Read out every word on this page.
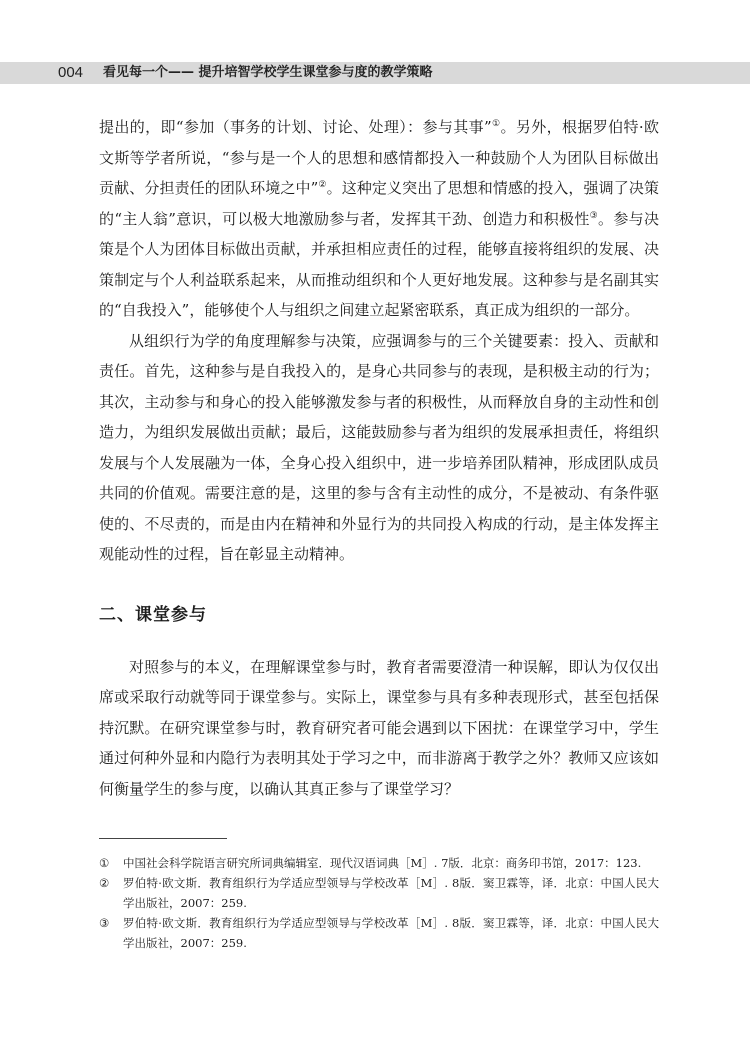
004 看见每一个—— 提升培智学校学生课堂参与度的教学策略

提出的，即“参加（事务的计划、讨论、处理）：参与其事”①。另外，根据罗伯特·欧文斯等学者所说，“参与是一个人的思想和感情都投入一种鼓励个人为团队目标做出贡献、分担责任的团队环境之中”②。这种定义突出了思想和情感的投入，强调了决策的“主人翁”意识，可以极大地激励参与者，发挥其干劲、创造力和积极性③。参与决策是个人为团体目标做出贡献，并承担相应责任的过程，能够直接将组织的发展、决策制定与个人利益联系起来，从而推动组织和个人更好地发展。这种参与是名副其实的“自我投入”，能够使个人与组织之间建立起紧密联系，真正成为组织的一部分。

从组织行为学的角度理解参与决策，应强调参与的三个关键要素：投入、贡献和责任。首先，这种参与是自我投入的，是身心共同参与的表现，是积极主动的行为；其次，主动参与和身心的投入能够激发参与者的积极性，从而释放自身的主动性和创造力，为组织发展做出贡献；最后，这能鼓励参与者为组织的发展承担责任，将组织发展与个人发展融为一体，全身心投入组织中，进一步培养团队精神，形成团队成员共同的价值观。需要注意的是，这里的参与含有主动性的成分，不是被动、有条件驱使的、不尽责的，而是由内在精神和外显行为的共同投入构成的行动，是主体发挥主观能动性的过程，旨在彰显主动精神。

二、课堂参与

对照参与的本义，在理解课堂参与时，教育者需要澄清一种误解，即认为仅仅出席或采取行动就等同于课堂参与。实际上，课堂参与具有多种表现形式，甚至包括保持沉默。在研究课堂参与时，教育研究者可能会遇到以下困扰：在课堂学习中，学生通过何种外显和内隐行为表明其处于学习之中，而非游离于教学之外？教师又应该如何衡量学生的参与度，以确认其真正参与了课堂学习？

①	中国社会科学院语言研究所词典编辑室．现代汉语词典［M］. 7版．北京：商务印书馆，2017：123.
②	罗伯特·欧文斯．教育组织行为学适应型领导与学校改革［M］. 8版．窦卫霖等，译．北京：中国人民大学出版社，2007：259.
③	罗伯特·欧文斯．教育组织行为学适应型领导与学校改革［M］. 8版．窦卫霖等，译．北京：中国人民大学出版社，2007：259.
